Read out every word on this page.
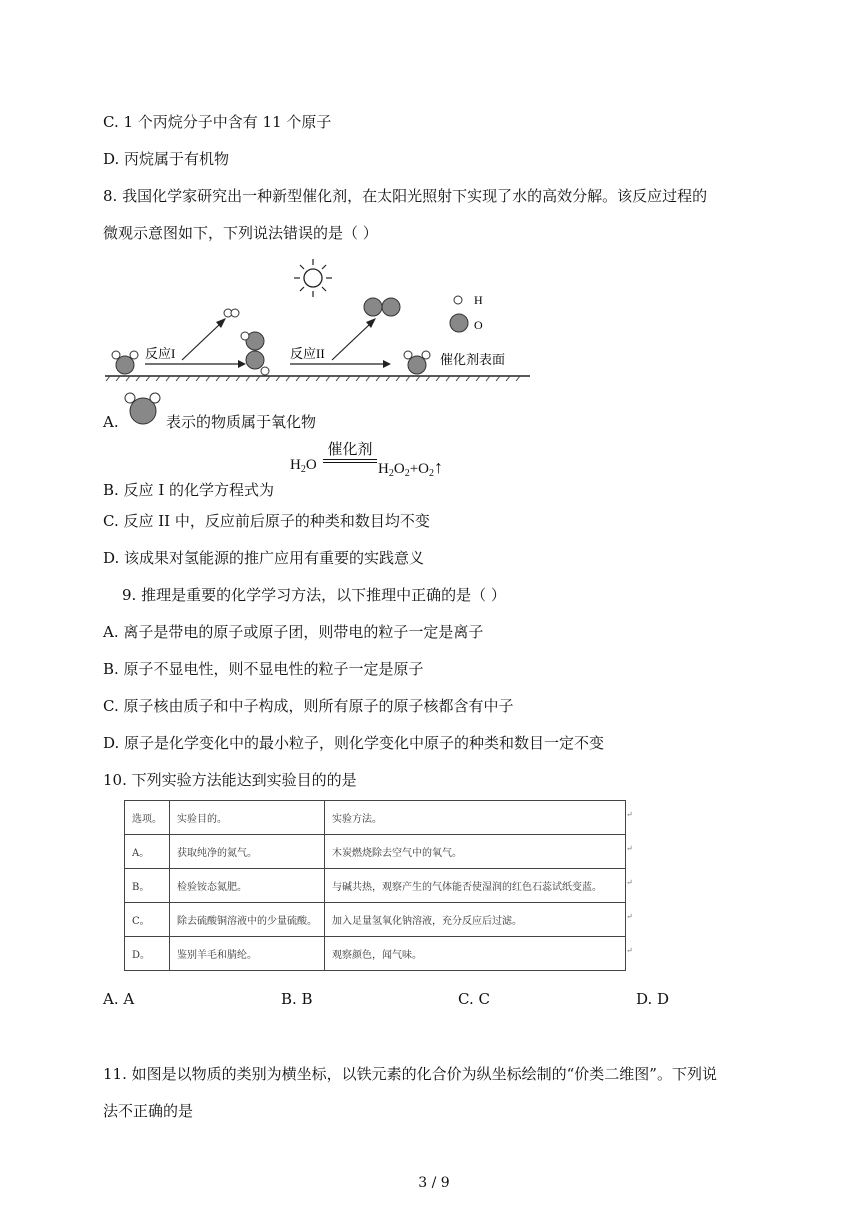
C. 1 个丙烷分子中含有 11 个原子
D. 丙烷属于有机物
8. 我国化学家研究出一种新型催化剂，在太阳光照射下实现了水的高效分解。该反应过程的
微观示意图如下，下列说法错误的是（ ）
反应I	反应II	催化剂表面
H
O
A.	表示的物质属于氧化物
$H_2O$
催化剂
$H_2O_2+O_2↑$
B. 反应 I 的化学方程式为
C. 反应 II 中，反应前后原子的种类和数目均不变
D. 该成果对氢能源的推广应用有重要的实践意义
9. 推理是重要的化学学习方法，以下推理中正确的是（ ）
A. 离子是带电的原子或原子团，则带电的粒子一定是离子
B. 原子不显电性，则不显电性的粒子一定是原子
C. 原子核由质子和中子构成，则所有原子的原子核都含有中子
D. 原子是化学变化中的最小粒子，则化学变化中原子的种类和数目一定不变
10. 下列实验方法能达到实验目的的是
选项。	实验目的。	实验方法。
A。	获取纯净的氮气。	木炭燃烧除去空气中的氧气。
B。	检验铵态氮肥。	与碱共热，观察产生的气体能否使湿润的红色石蕊试纸变蓝。
C。	除去硫酸铜溶液中的少量硫酸。	加入足量氢氧化钠溶液，充分反应后过滤。
D。	鉴别羊毛和腈纶。	观察颜色，闻气味。
↵
↵
↵
↵
↵
A. A	B. B	C. C	D. D
11. 如图是以物质的类别为横坐标，以铁元素的化合价为纵坐标绘制的“价类二维图”。下列说
法不正确的是
3 / 9
